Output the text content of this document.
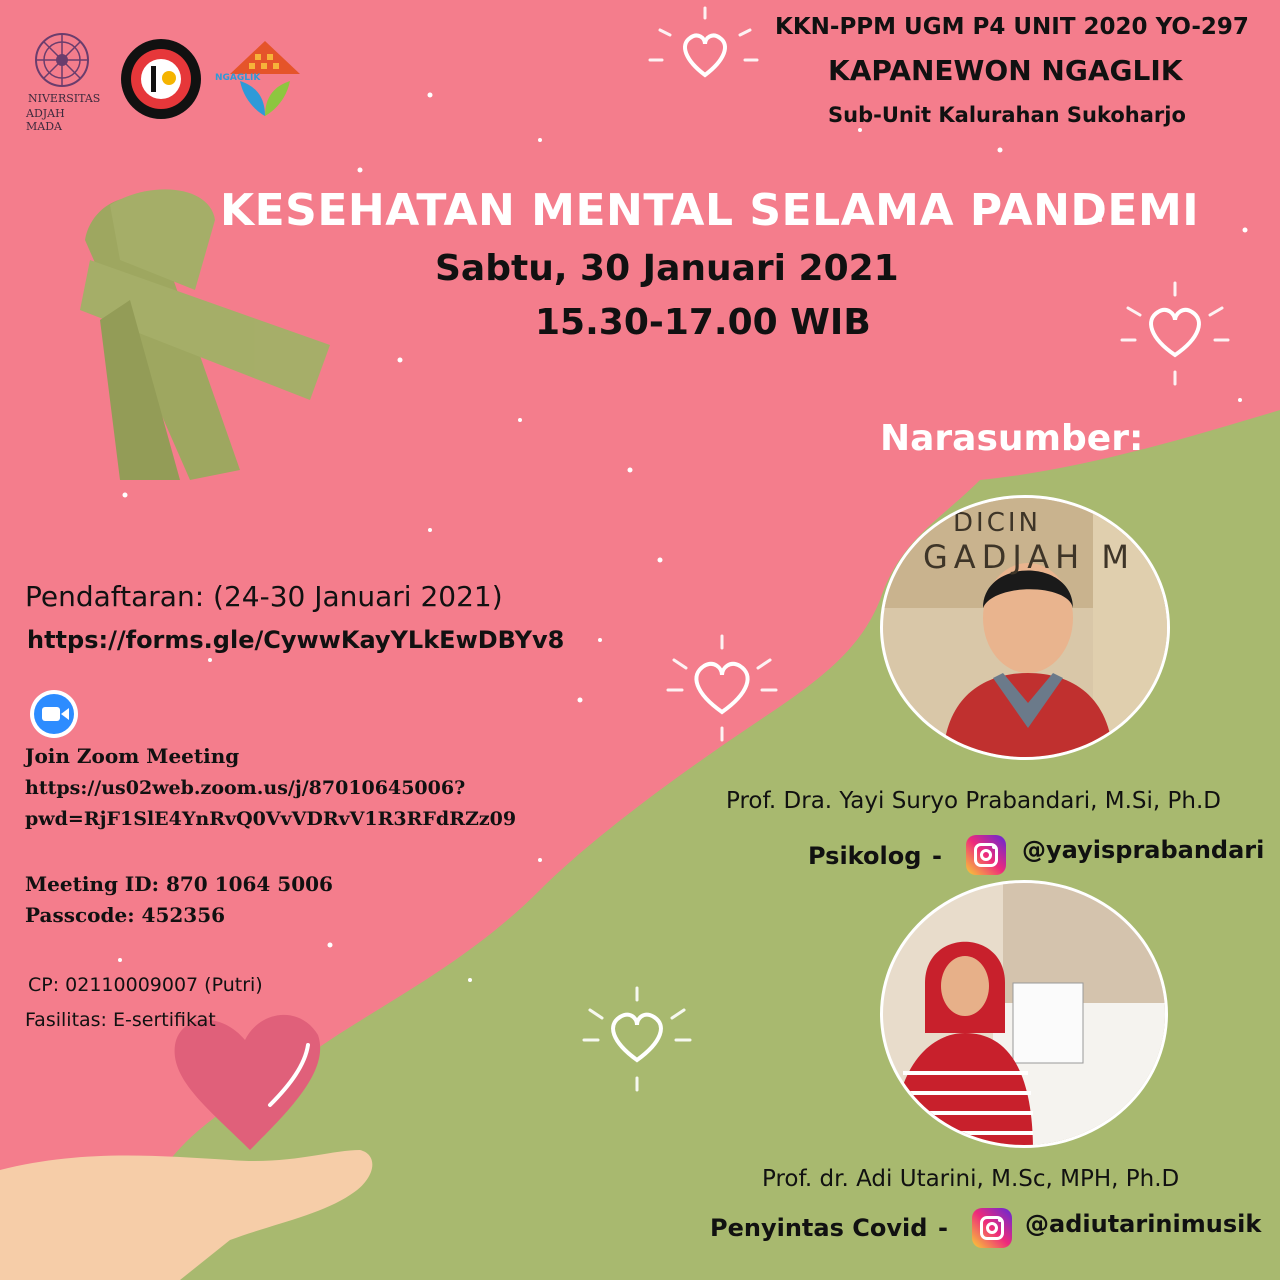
NIVERSITAS
ADJAH MADA
NGAGLIK
KKN-PPM UGM P4 UNIT 2020 YO-297
KAPANEWON NGAGLIK
Sub-Unit Kalurahan Sukoharjo
KESEHATAN MENTAL SELAMA PANDEMI
Sabtu, 30 Januari 2021
15.30-17.00 WIB
Narasumber:
Pendaftaran: (24-30 Januari 2021)
https://forms.gle/CywwKayYLkEwDBYv8
Join Zoom Meeting
https://us02web.zoom.us/j/87010645006?
pwd=RjF1SlE4YnRvQ0VvVDRvV1R3RFdRZz09
Meeting ID: 870 1064 5006
Passcode: 452356
CP: 02110009007 (Putri)
Fasilitas: E-sertifikat
DICIN
GADJAH M
Prof. Dra. Yayi Suryo Prabandari, M.Si, Ph.D
Psikolog -	@yayisprabandari
Prof. dr. Adi Utarini, M.Sc, MPH, Ph.D
Penyintas Covid -	@adiutarinimusik
